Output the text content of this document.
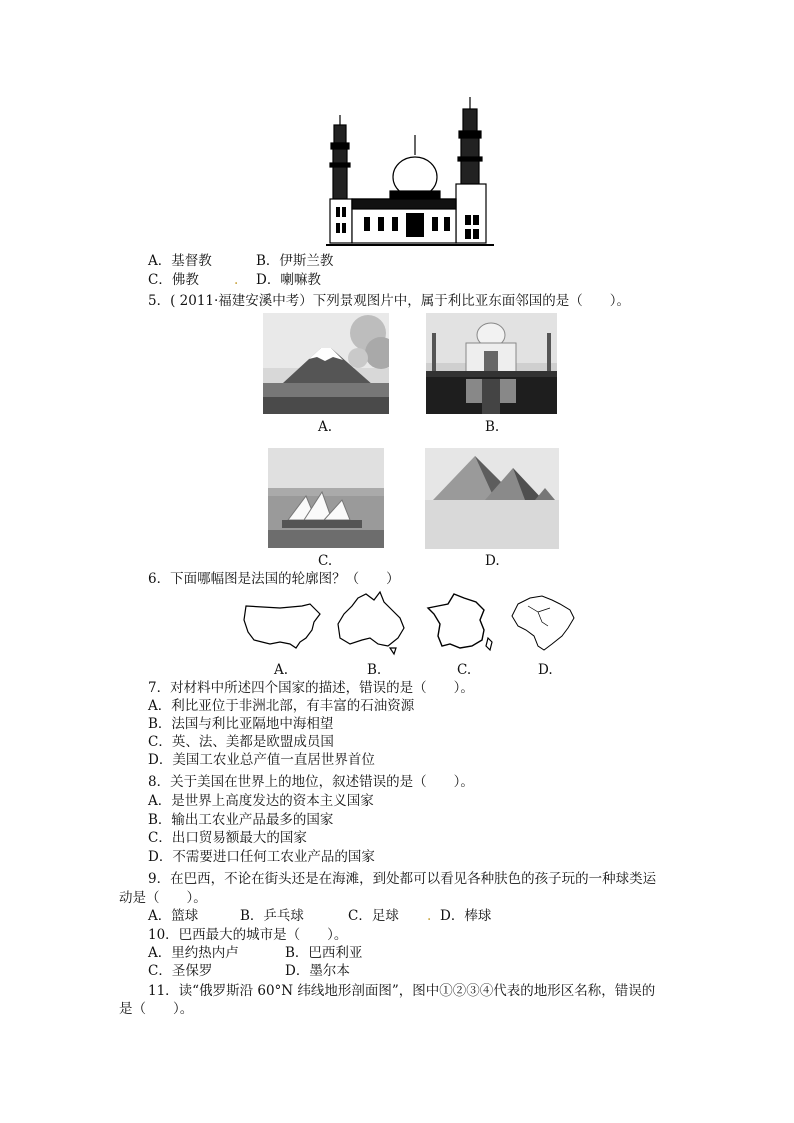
A．基督教	B．伊斯兰教
C．佛教	. D．喇嘛教
5．( 2011·福建安溪中考）下列景观图片中，属于利比亚东面邻国的是（　　）。
A.	B.
C.	D.
6．下面哪幅图是法国的轮廓图？（　　）
A.	B.	C.	D.
7．对材料中所述四个国家的描述，错误的是（　　）。
A．利比亚位于非洲北部，有丰富的石油资源
B．法国与利比亚隔地中海相望
C．英、法、美都是欧盟成员国
D．美国工农业总产值一直居世界首位
8．关于美国在世界上的地位，叙述错误的是（　　）。
A．是世界上高度发达的资本主义国家
B．输出工农业产品最多的国家
C．出口贸易额最大的国家
D．不需要进口任何工农业产品的国家
9．在巴西，不论在街头还是在海滩，到处都可以看见各种肤色的孩子玩的一种球类运
动是（　　）。
A．篮球	B．乒乓球	C．足球 . D．棒球
10．巴西最大的城市是（　　）。
A．里约热内卢	B．巴西利亚
C．圣保罗	D．墨尔本
11．读“俄罗斯沿 60°N 纬线地形剖面图”，图中①②③④代表的地形区名称，错误的
是（　　）。
